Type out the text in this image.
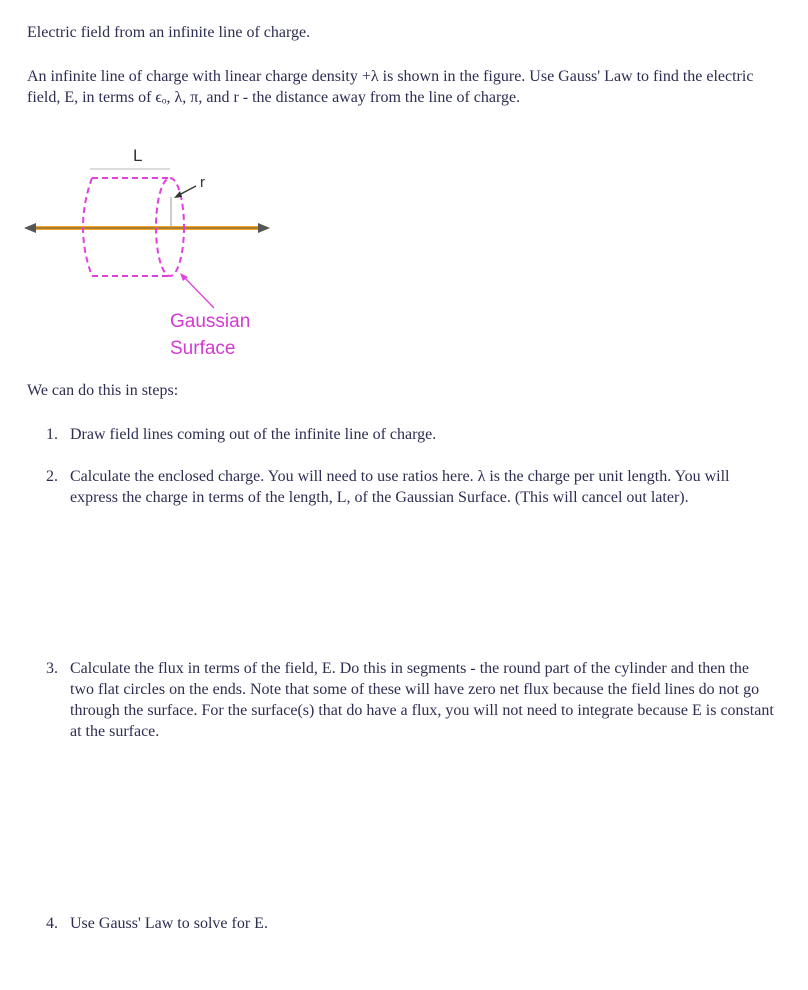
Electric field from an infinite line of charge.
An infinite line of charge with linear charge density +λ is shown in the figure. Use Gauss' Law to find the electric field, E, in terms of ϵₒ, λ, π, and r - the distance away from the line of charge.
L
r
Gaussian
Surface
We can do this in steps:
1. Draw field lines coming out of the infinite line of charge.
2. Calculate the enclosed charge. You will need to use ratios here. λ is the charge per unit length. You will express the charge in terms of the length, L, of the Gaussian Surface. (This will cancel out later).
3. Calculate the flux in terms of the field, E. Do this in segments - the round part of the cylinder and then the two flat circles on the ends. Note that some of these will have zero net flux because the field lines do not go through the surface. For the surface(s) that do have a flux, you will not need to integrate because E is constant at the surface.
4. Use Gauss' Law to solve for E.
